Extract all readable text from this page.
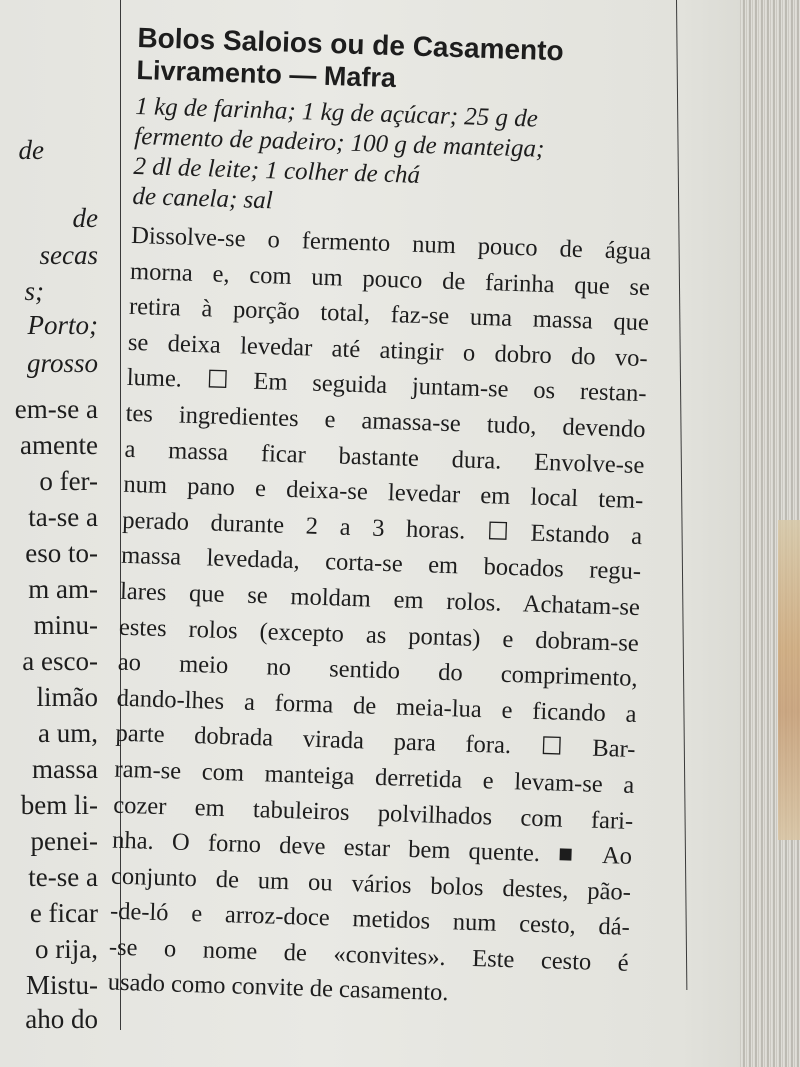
de
de
secas
s;
Porto;
grosso
em-se a
amente
o fer-
ta-se a
eso to-
m am-
minu-
a esco-
limão
a um,
massa
bem li-
penei-
te-se a
e ficar
o rija,
Mistu-
aho do
Bolos Saloios ou de Casamento
Livramento — Mafra
1 kg de farinha; 1 kg de açúcar; 25 g de
fermento de padeiro; 100 g de manteiga;
2 dl de leite; 1 colher de chá
de canela; sal
Dissolve-se o fermento num pouco de água
morna e, com um pouco de farinha que se
retira à porção total, faz-se uma massa que
se deixa levedar até atingir o dobro do vo-
lume. ☐ Em seguida juntam-se os restan-
tes ingredientes e amassa-se tudo, devendo
a massa ficar bastante dura. Envolve-se
num pano e deixa-se levedar em local tem-
perado durante 2 a 3 horas. ☐ Estando a
massa levedada, corta-se em bocados regu-
lares que se moldam em rolos. Achatam-se
estes rolos (excepto as pontas) e dobram-se
ao meio no sentido do comprimento,
dando-lhes a forma de meia-lua e ficando a
parte dobrada virada para fora. ☐ Bar-
ram-se com manteiga derretida e levam-se a
cozer em tabuleiros polvilhados com fari-
nha. O forno deve estar bem quente. ■ Ao
conjunto de um ou vários bolos destes, pão-
-de-ló e arroz-doce metidos num cesto, dá-
-se o nome de «convites». Este cesto é
usado como convite de casamento.
